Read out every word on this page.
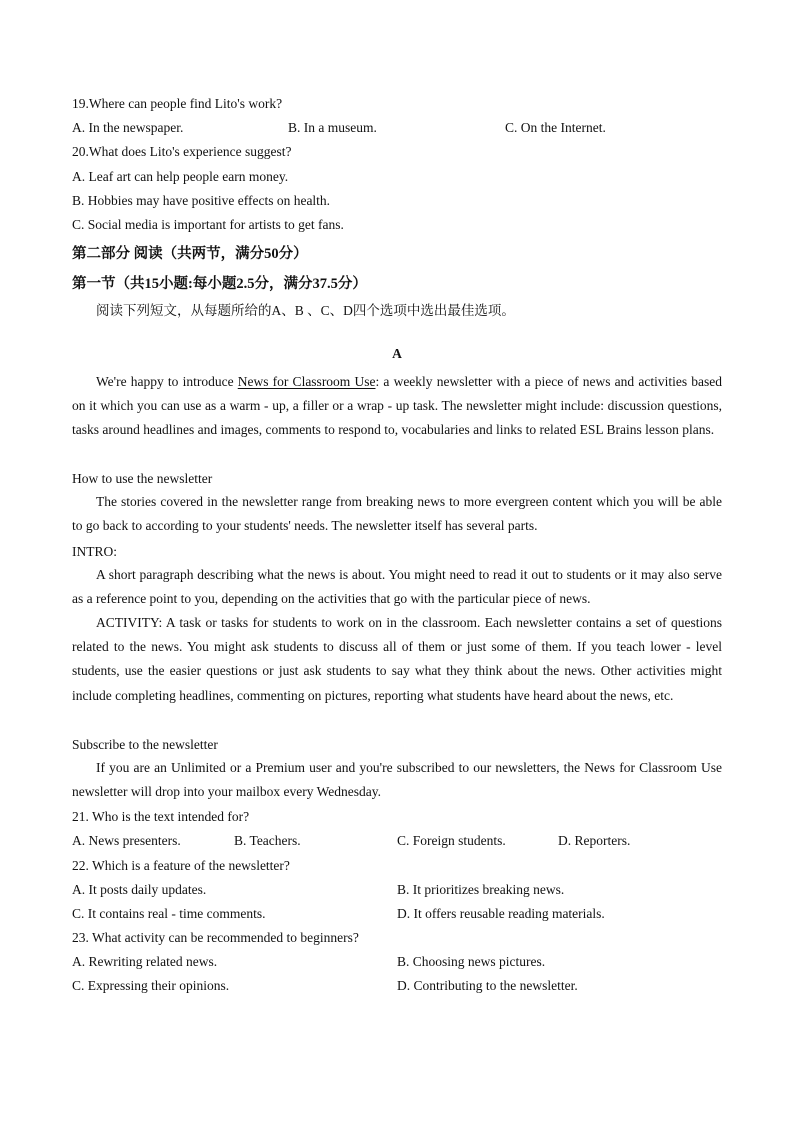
19.Where can people find Lito's work?
A. In the newspaper.	B. In a museum.	C. On the Internet.
20.What does Lito's experience suggest?
A. Leaf art can help people earn money.
B. Hobbies may have positive effects on health.
C. Social media is important for artists to get fans.
第二部分 阅读（共两节，满分50分）
第一节（共15小题:每小题2.5分，满分37.5分）
阅读下列短文，从每题所给的A、B 、C、D四个选项中选出最佳选项。
A
We're happy to introduce News for Classroom Use: a weekly newsletter with a piece of news and activities based on it which you can use as a warm - up, a filler or a wrap - up task. The newsletter might include: discussion questions, tasks around headlines and images, comments to respond to, vocabularies and links to related ESL Brains lesson plans.
How to use the newsletter
The stories covered in the newsletter range from breaking news to more evergreen content which you will be able to go back to according to your students' needs. The newsletter itself has several parts.
INTRO:
A short paragraph describing what the news is about. You might need to read it out to students or it may also serve as a reference point to you, depending on the activities that go with the particular piece of news.
ACTIVITY: A task or tasks for students to work on in the classroom. Each newsletter contains a set of questions related to the news. You might ask students to discuss all of them or just some of them. If you teach lower - level students, use the easier questions or just ask students to say what they think about the news. Other activities might include completing headlines, commenting on pictures, reporting what students have heard about the news, etc.
Subscribe to the newsletter
If you are an Unlimited or a Premium user and you're subscribed to our newsletters, the News for Classroom Use newsletter will drop into your mailbox every Wednesday.
21. Who is the text intended for?
A. News presenters.	B. Teachers.	C. Foreign students.	D. Reporters.
22. Which is a feature of the newsletter?
A. It posts daily updates.	B. It prioritizes breaking news.
C. It contains real - time comments.	D. It offers reusable reading materials.
23. What activity can be recommended to beginners?
A. Rewriting related news.	B. Choosing news pictures.
C. Expressing their opinions.	D. Contributing to the newsletter.
